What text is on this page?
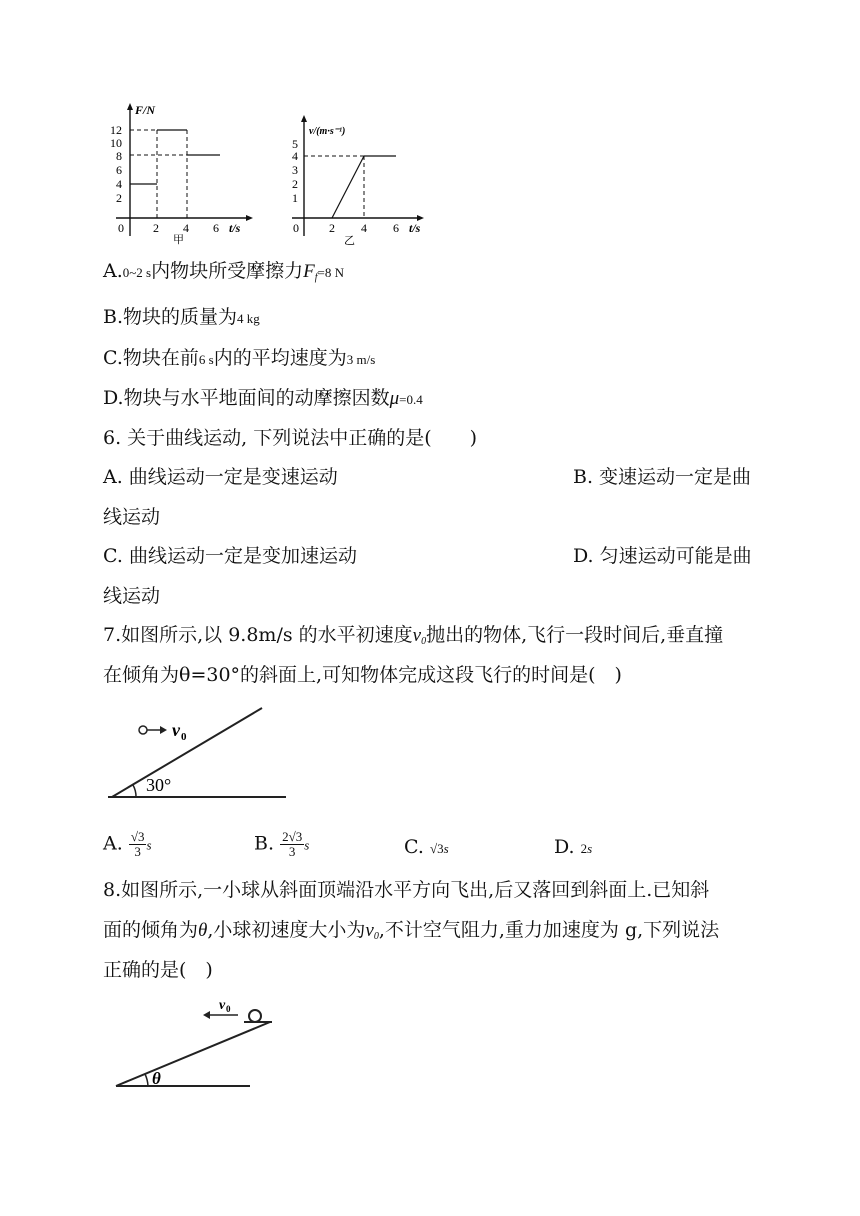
F/N
12
10
8
6
4
2
0 2 4 6 t/s
甲
v/(m·s⁻¹)
5
4
3
2
1
0	2 4 6 t/s
乙
A.0~2 s内物块所受摩擦力$F_f=8$ N
B.物块的质量为4 kg
C.物块在前6 s内的平均速度为3 m/s
D.物块与水平地面间的动摩擦因数μ=0.4
6. 关于曲线运动, 下列说法中正确的是(　　)
A. 曲线运动一定是变速运动	B. 变速运动一定是曲
线运动
C. 曲线运动一定是变加速运动	D. 匀速运动可能是曲
线运动
7.如图所示,以 9.8m/s 的水平初速度$v_0$抛出的物体,飞行一段时间后,垂直撞
在倾角为θ=30°的斜面上,可知物体完成这段飞行的时间是(　)
v 0
30°
A. $\frac{√3}{3}$ s	B. $\frac{2√3}{3}$ s	C. √3s	D. 2s
8.如图所示,一小球从斜面顶端沿水平方向飞出,后又落回到斜面上.已知斜
面的倾角为θ,小球初速度大小为$v_0$,不计空气阻力,重力加速度为 g,下列说法
正确的是(　)
v 0
θ
